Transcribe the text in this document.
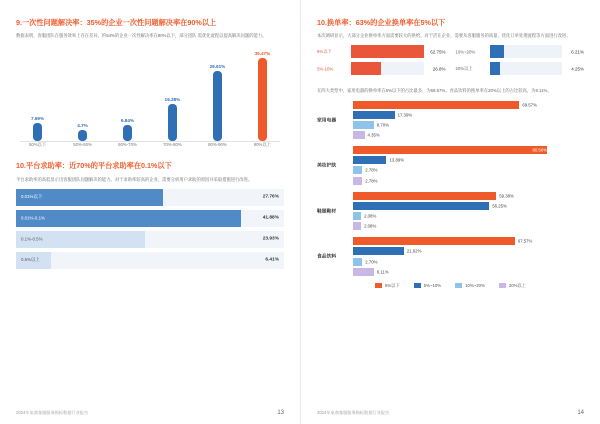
9.一次性问题解决率：35%的企业一次性问题解决率在90%以上
数据表明，客服团队在服务效率上存在差异，约54%的企业一次性解决率在80%以下，部分团队 需优化流程以提高解决问题的能力。
7.69%
4.7%
6.84%
15.38%
29.91%
35.47%
50%以下	50%-60%	60%-70%	70%-80%	80%-90%	90%以上
10.平台求助率：近70%的平台求助率在0.1%以下
平台求助率的高低显示出客服团队问题解决的能力。对于求助率较高的企业，需要分析用户求助的原因并采取措施进行改进。
0.01%以下	27.76%
0.01%-0.1%	41.88%
0.1%-0.5%	23.93%
0.5%以上	6.41%
2024年电商客服服务指标数据行业报告	13
10.换单率：63%的企业换单率在5%以下
本次调研显示，大部分企业换单率方面需要较大的供给。对于活在企业，需要从客服服务的质量、优化订单处理流程等方面进行改进。
5%以下	62.75%
5%-10%	26.8%
10%~20%	6.21%
20%以上	4.25%
在四大类型中，家用电器的换单率在5%以下的占比最多，为69.57%。食品饮料的换单率在20%以上的占比较高，为8.11%。
家用电器
69.57%
17.39%
8.70%
4.35%
美妆护肤
80.56%
13.89%
2.78%
2.78%
鞋服鞋材
59.38%
56.25%
2.08%
2.08%
食品饮料
67.57%
21.62%
2.70%
8.11%
5%以下	5%~10%	10%~20%	20%以上
2024年电商客服服务指标数据行业报告	14
